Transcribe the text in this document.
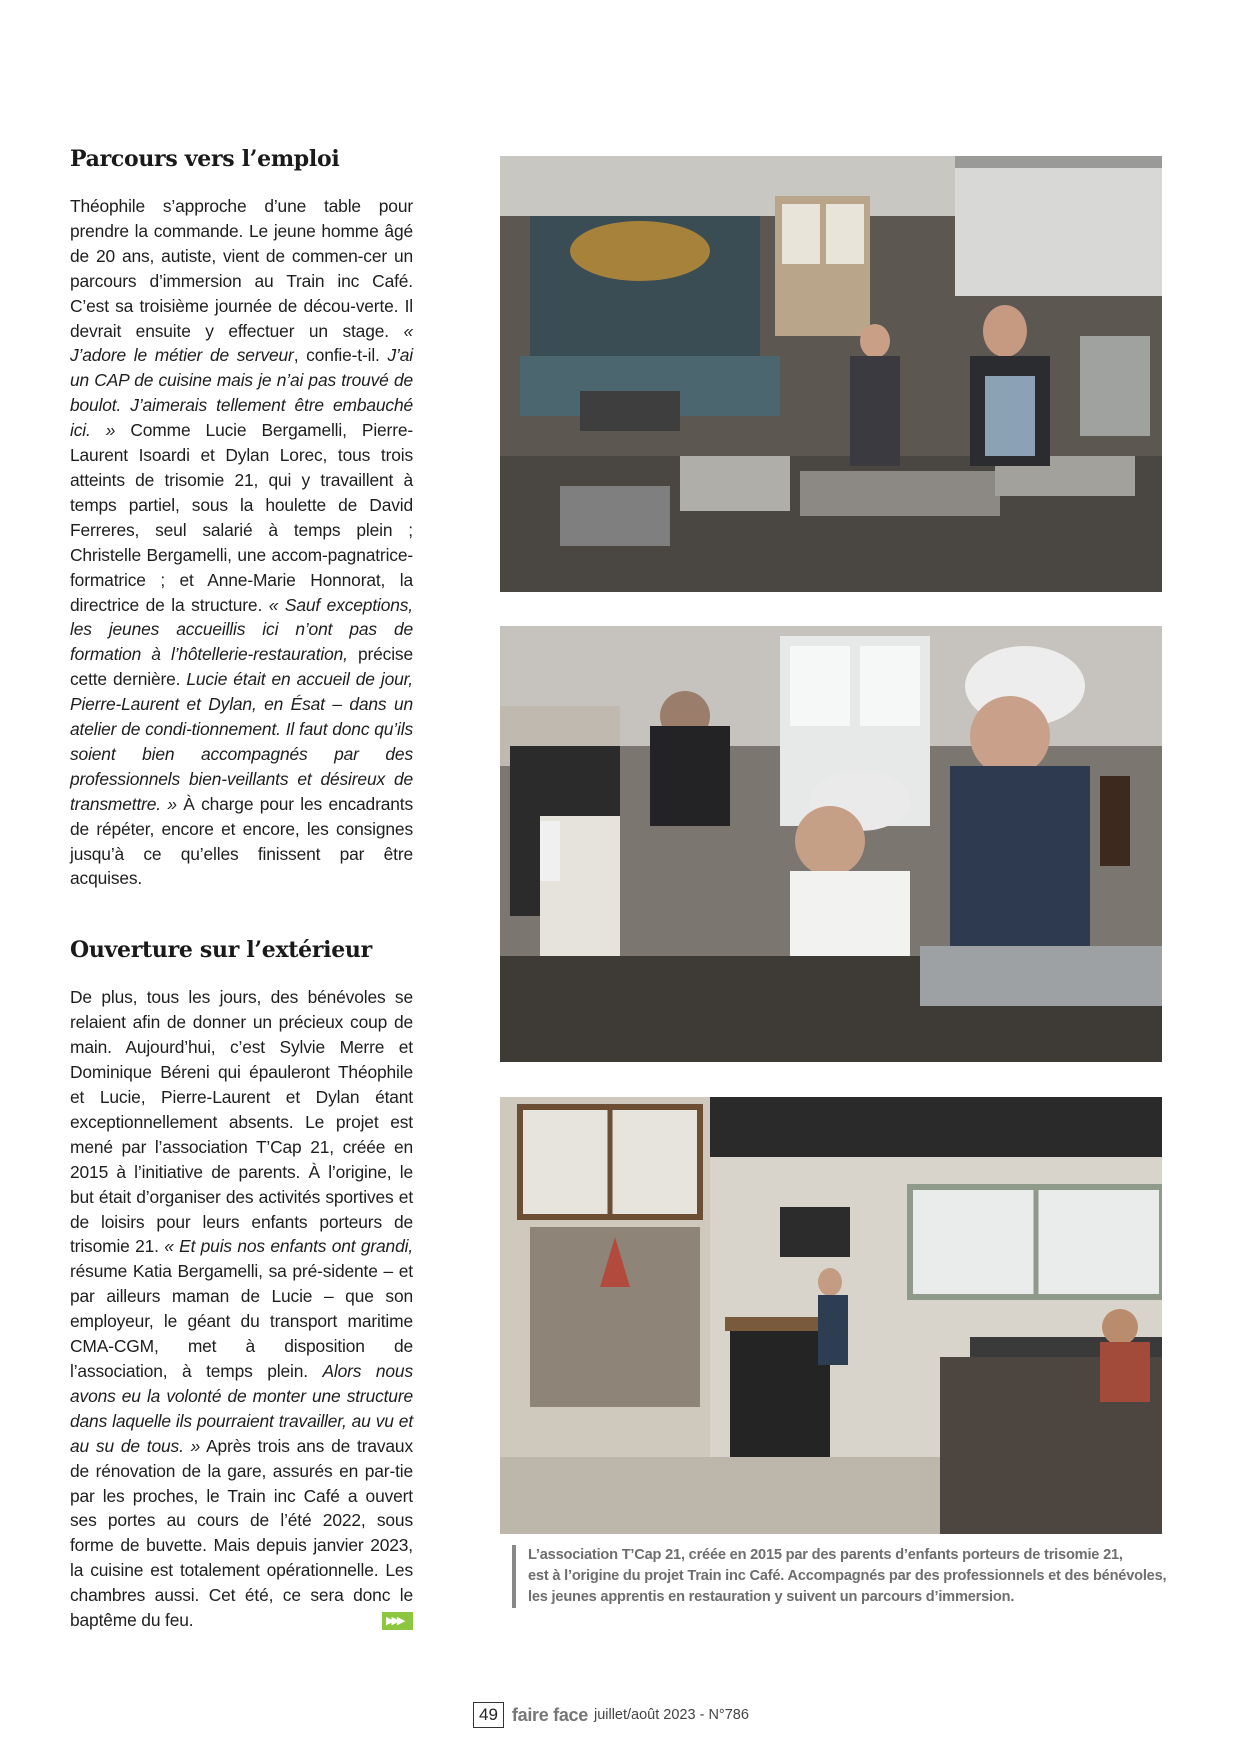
Parcours vers l’emploi

Théophile s’approche d’une table pour prendre la commande. Le jeune homme âgé de 20 ans, autiste, vient de commen-cer un parcours d’immersion au Train inc Café. C’est sa troisième journée de décou-verte. Il devrait ensuite y effectuer un stage. « J’adore le métier de serveur, confie-t-il. J’ai un CAP de cuisine mais je n’ai pas trouvé de boulot. J’aimerais tellement être embauché ici. » Comme Lucie Bergamelli, Pierre-Laurent Isoardi et Dylan Lorec, tous trois atteints de trisomie 21, qui y travaillent à temps partiel, sous la houlette de David Ferreres, seul salarié à temps plein ; Christelle Bergamelli, une accom-pagnatrice-formatrice ; et Anne-Marie Honnorat, la directrice de la structure. « Sauf exceptions, les jeunes accueillis ici n’ont pas de formation à l’hôtellerie-restauration, précise cette dernière. Lucie était en accueil de jour, Pierre-Laurent et Dylan, en Ésat – dans un atelier de condi-tionnement. Il faut donc qu’ils soient bien accompagnés par des professionnels bien-veillants et désireux de transmettre. » À charge pour les encadrants de répéter, encore et encore, les consignes jusqu’à ce qu’elles finissent par être acquises.

Ouverture sur l’extérieur

De plus, tous les jours, des bénévoles se relaient afin de donner un précieux coup de main. Aujourd’hui, c’est Sylvie Merre et Dominique Béreni qui épauleront Théophile et Lucie, Pierre-Laurent et Dylan étant exceptionnellement absents. Le projet est mené par l’association T’Cap 21, créée en 2015 à l’initiative de parents. À l’origine, le but était d’organiser des activités sportives et de loisirs pour leurs enfants porteurs de trisomie 21. « Et puis nos enfants ont grandi, résume Katia Bergamelli, sa pré-sidente – et par ailleurs maman de Lucie – que son employeur, le géant du transport maritime CMA-CGM, met à disposition de l’association, à temps plein. Alors nous avons eu la volonté de monter une structure dans laquelle ils pourraient travailler, au vu et au su de tous. » Après trois ans de travaux de rénovation de la gare, assurés en par-tie par les proches, le Train inc Café a ouvert ses portes au cours de l’été 2022, sous forme de buvette. Mais depuis janvier 2023, la cuisine est totalement opérationnelle. Les chambres aussi. Cet été, ce sera donc le baptême du feu.	▶▶▶

L’association T’Cap 21, créée en 2015 par des parents d’enfants porteurs de trisomie 21,
est à l’origine du projet Train inc Café. Accompagnés par des professionnels et des bénévoles,
les jeunes apprentis en restauration y suivent un parcours d’immersion.
49 faire face juillet/août 2023 - N°786
